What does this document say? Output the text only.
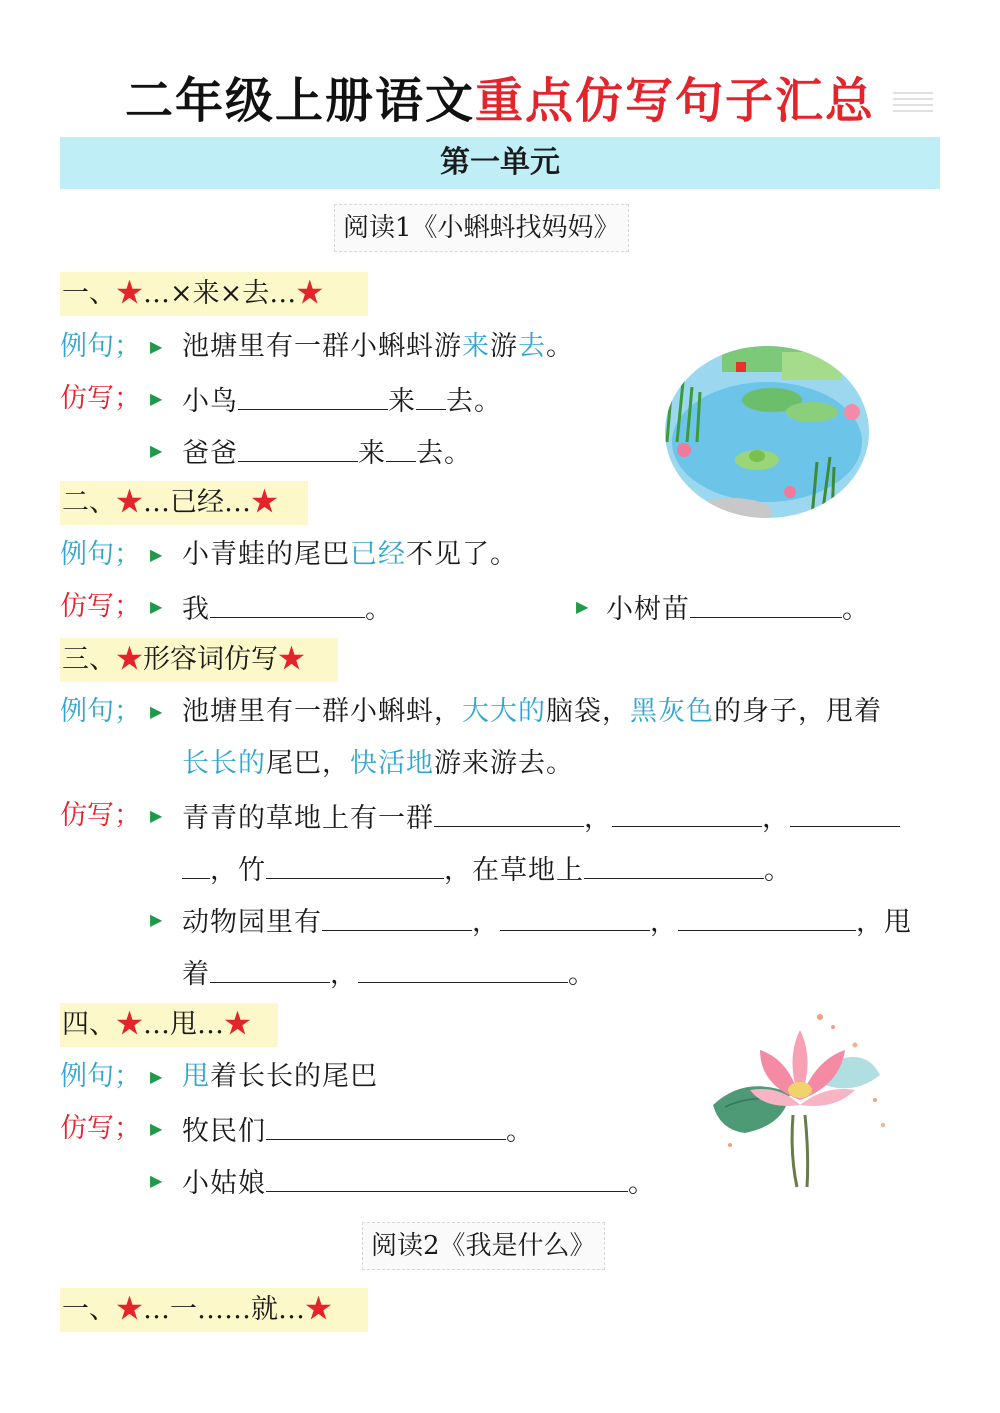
二年级上册语文重点仿写句子汇总
第一单元
阅读1《小蝌蚪找妈妈》
一、★…×来×去…★
例句； ▶ 池塘里有一群小蝌蚪游来游去。
仿写； ▶ 小鸟	来 去。
▶ 爸爸	来 去。
二、★…已经…★
例句； ▶ 小青蛙的尾巴已经不见了。
仿写； ▶ 我	。	▶ 小树苗	。
三、★形容词仿写★
例句； ▶ 池塘里有一群小蝌蚪，大大的脑袋，黑灰色的身子，甩着
长长的尾巴，快活地游来游去。
仿写； ▶ 青青的草地上有一群	，	，
，竹	，在草地上	。
▶ 动物园里有	，	，	，甩
着	，	。
四、★…甩…★
例句； ▶ 甩着长长的尾巴
仿写； ▶ 牧民们	。
▶ 小姑娘	。
阅读2《我是什么》
一、★…一……就…★
